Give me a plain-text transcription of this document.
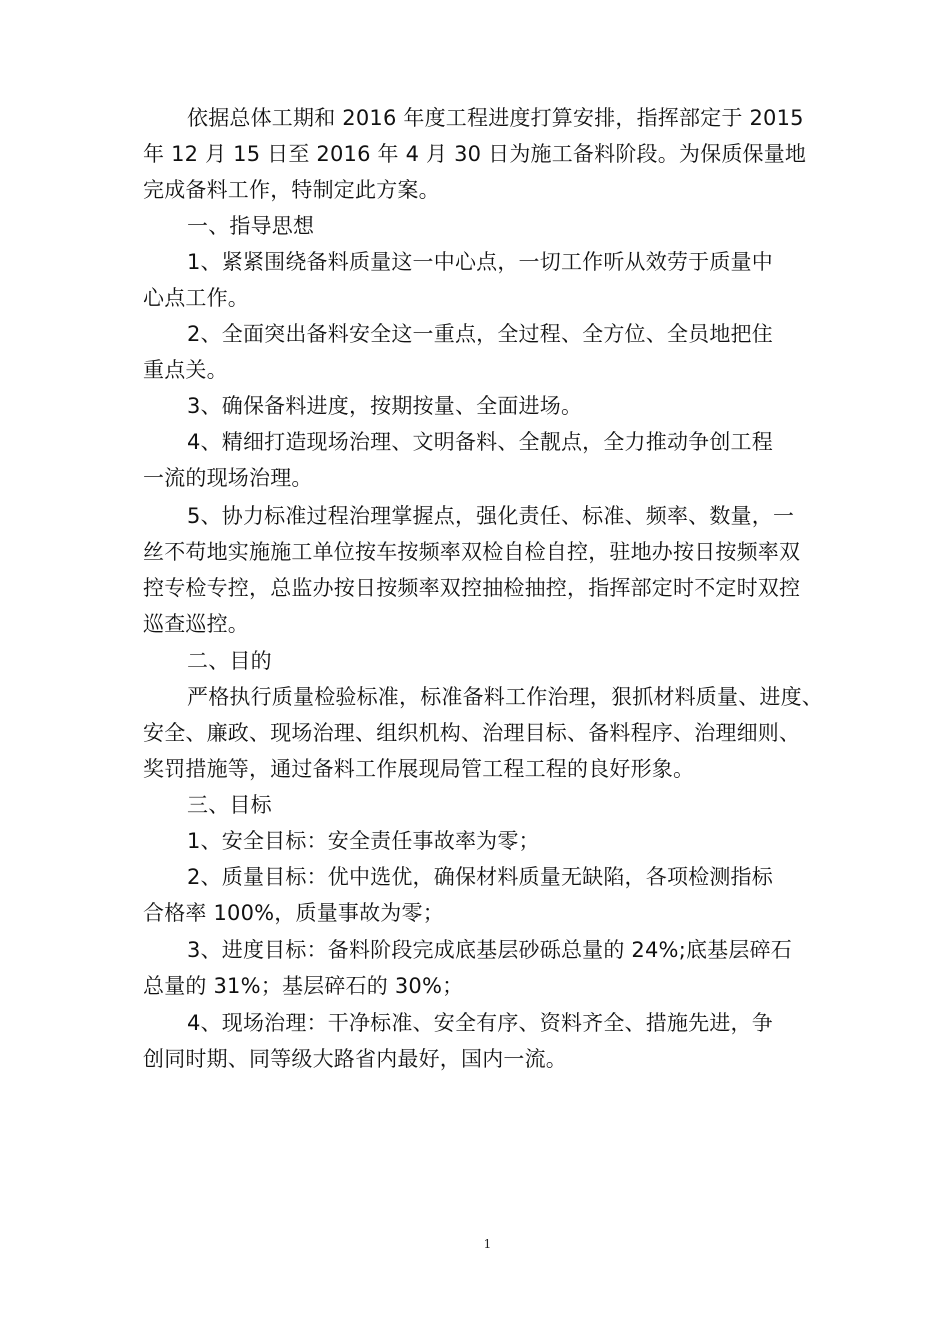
依据总体工期和 2016 年度工程进度打算安排，指挥部定于 2015

年 12 月 15 日至 2016 年 4 月 30 日为施工备料阶段。为保质保量地

完成备料工作，特制定此方案。

一、指导思想

1、紧紧围绕备料质量这一中心点，一切工作听从效劳于质量中

心点工作。

2、全面突出备料安全这一重点，全过程、全方位、全员地把住

重点关。

3、确保备料进度，按期按量、全面进场。

4、精细打造现场治理、文明备料、全靓点，全力推动争创工程

一流的现场治理。

5、协力标准过程治理掌握点，强化责任、标准、频率、数量，一

丝不苟地实施施工单位按车按频率双检自检自控，驻地办按日按频率双

控专检专控，总监办按日按频率双控抽检抽控，指挥部定时不定时双控

巡查巡控。

二、目的

严格执行质量检验标准，标准备料工作治理，狠抓材料质量、进度、

安全、廉政、现场治理、组织机构、治理目标、备料程序、治理细则、

奖罚措施等，通过备料工作展现局管工程工程的良好形象。

三、目标

1、安全目标：安全责任事故率为零；

2、质量目标：优中选优，确保材料质量无缺陷，各项检测指标

合格率 100%，质量事故为零；

3、进度目标：备料阶段完成底基层砂砾总量的 24%;底基层碎石

总量的 31%；基层碎石的 30%；

4、现场治理：干净标准、安全有序、资料齐全、措施先进，争

创同时期、同等级大路省内最好，国内一流。

1
